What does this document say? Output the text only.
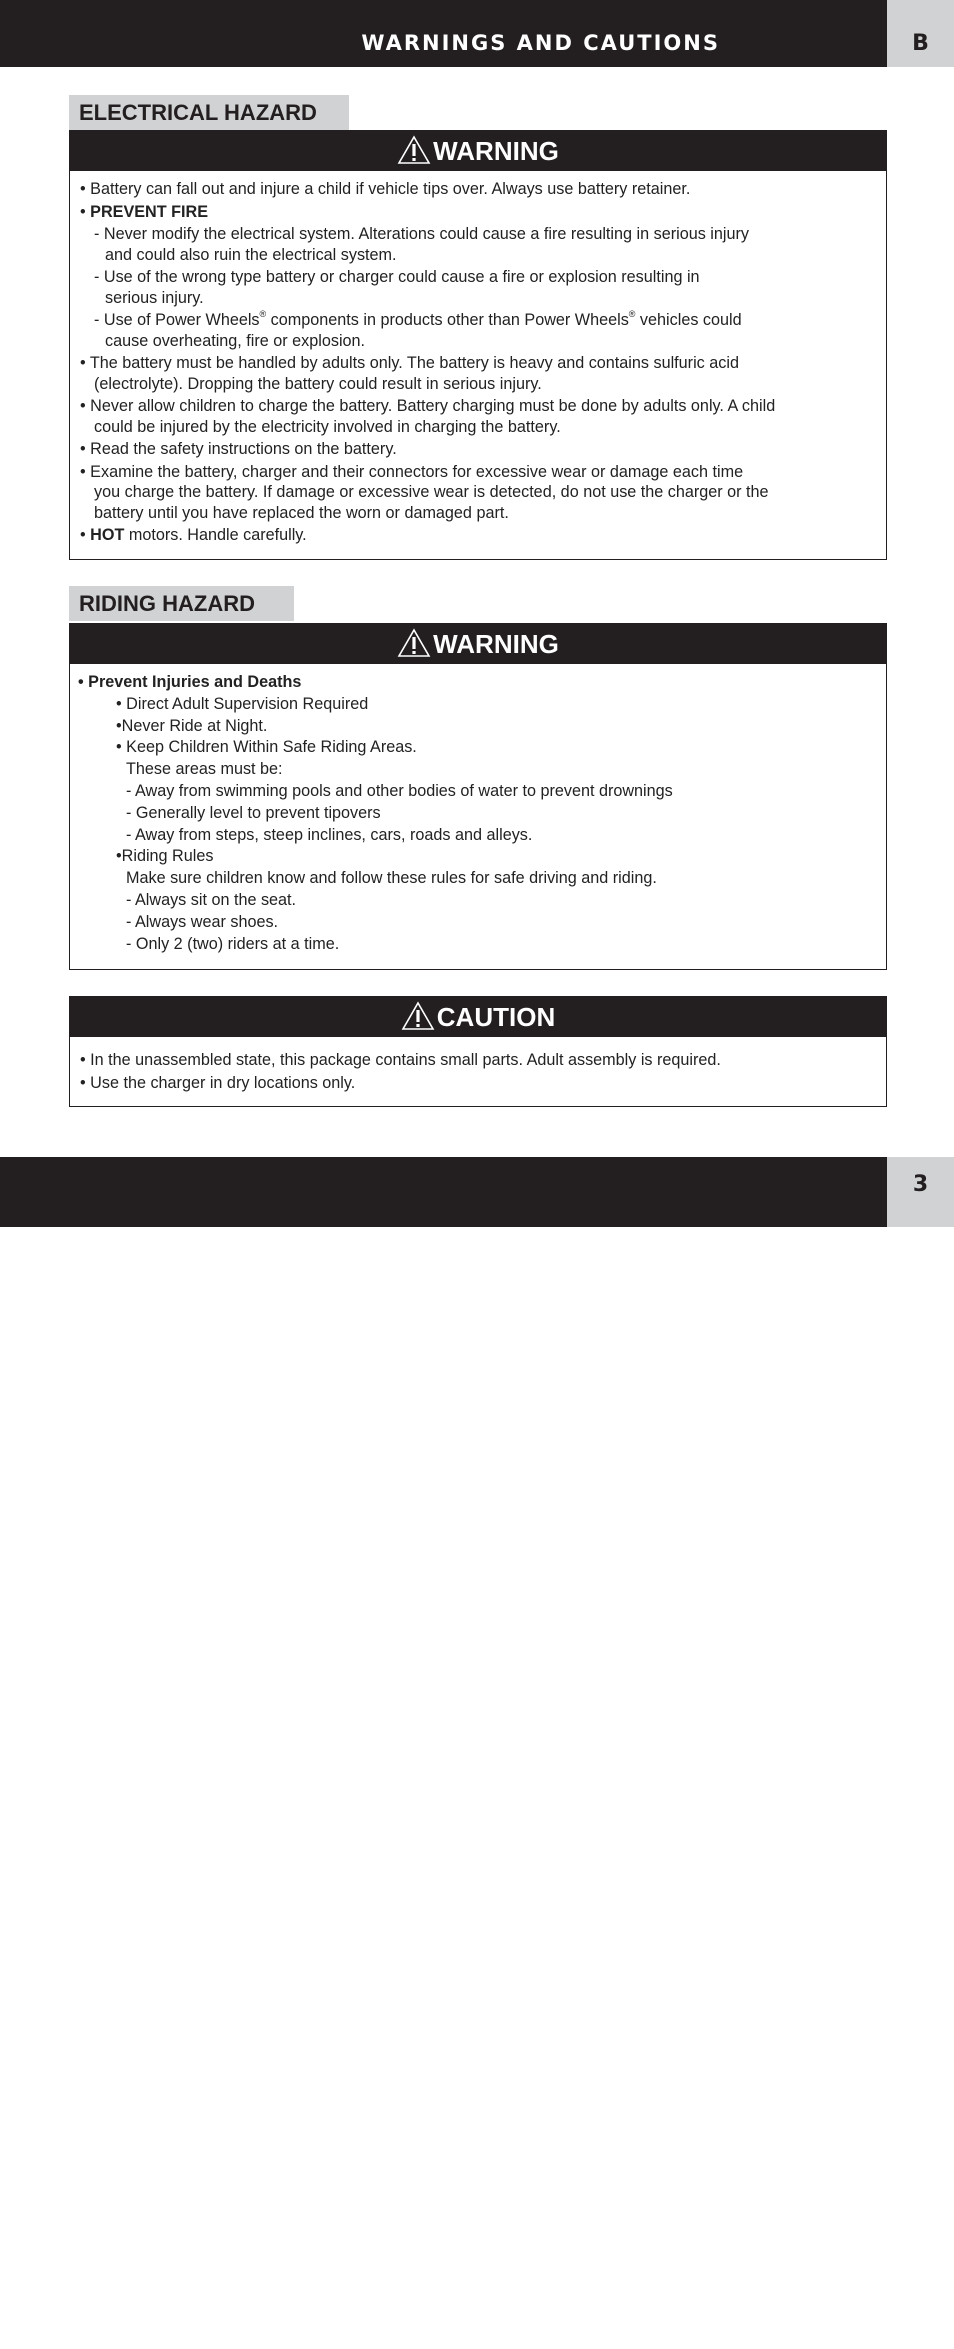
WARNINGS AND CAUTIONS	B
ELECTRICAL HAZARD
WARNING
• Battery can fall out and injure a child if vehicle tips over. Always use battery retainer.
• PREVENT FIRE
- Never modify the electrical system. Alterations could cause a fire resulting in serious injury
and could also ruin the electrical system.
- Use of the wrong type battery or charger could cause a fire or explosion resulting in
serious injury.
- Use of Power Wheels® components in products other than Power Wheels® vehicles could
cause overheating, fire or explosion.
• The battery must be handled by adults only. The battery is heavy and contains sulfuric acid
(electrolyte). Dropping the battery could result in serious injury.
• Never allow children to charge the battery. Battery charging must be done by adults only. A child
could be injured by the electricity involved in charging the battery.
• Read the safety instructions on the battery.
• Examine the battery, charger and their connectors for excessive wear or damage each time
you charge the battery. If damage or excessive wear is detected, do not use the charger or the
battery until you have replaced the worn or damaged part.
• HOT motors. Handle carefully.
RIDING HAZARD
WARNING
• Prevent Injuries and Deaths
• Direct Adult Supervision Required
•Never Ride at Night.
• Keep Children Within Safe Riding Areas.
These areas must be:
- Away from swimming pools and other bodies of water to prevent drownings
- Generally level to prevent tipovers
- Away from steps, steep inclines, cars, roads and alleys.
•Riding Rules
Make sure children know and follow these rules for safe driving and riding.
- Always sit on the seat.
- Always wear shoes.
- Only 2 (two) riders at a time.
CAUTION
• In the unassembled state, this package contains small parts. Adult assembly is required.
• Use the charger in dry locations only.
N1476pr-0920
3
